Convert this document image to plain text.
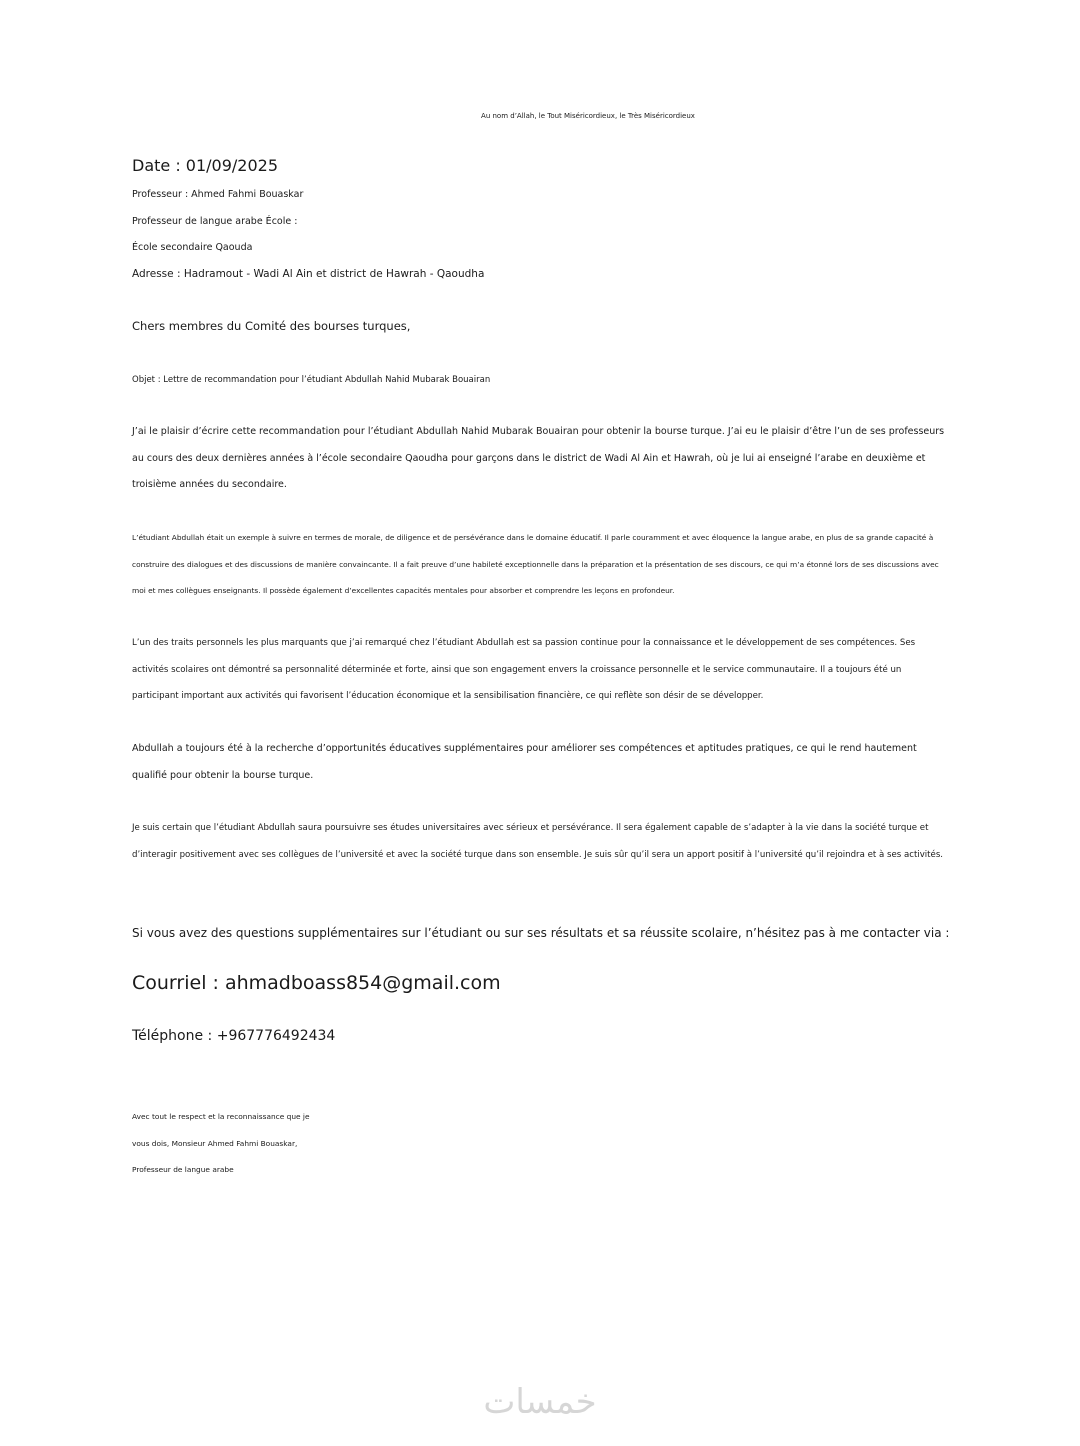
Au nom d’Allah, le Tout Miséricordieux, le Très Miséricordieux
Date : 01/09/2025
Professeur : Ahmed Fahmi Bouaskar
Professeur de langue arabe École :
École secondaire Qaouda
Adresse : Hadramout - Wadi Al Ain et district de Hawrah - Qaoudha
Chers membres du Comité des bourses turques,
Objet : Lettre de recommandation pour l’étudiant Abdullah Nahid Mubarak Bouairan
J’ai le plaisir d’écrire cette recommandation pour l’étudiant Abdullah Nahid Mubarak Bouairan pour obtenir la bourse turque. J’ai eu le plaisir d’être l’un de ses professeurs au cours des deux dernières années à l’école secondaire Qaoudha pour garçons dans le district de Wadi Al Ain et Hawrah, où je lui ai enseigné l’arabe en deuxième et troisième années du secondaire.
L’étudiant Abdullah était un exemple à suivre en termes de morale, de diligence et de persévérance dans le domaine éducatif. Il parle couramment et avec éloquence la langue arabe, en plus de sa grande capacité à construire des dialogues et des discussions de manière convaincante. Il a fait preuve d’une habileté exceptionnelle dans la préparation et la présentation de ses discours, ce qui m’a étonné lors de ses discussions avec moi et mes collègues enseignants. Il possède également d’excellentes capacités mentales pour absorber et comprendre les leçons en profondeur.
L’un des traits personnels les plus marquants que j’ai remarqué chez l’étudiant Abdullah est sa passion continue pour la connaissance et le développement de ses compétences. Ses activités scolaires ont démontré sa personnalité déterminée et forte, ainsi que son engagement envers la croissance personnelle et le service communautaire. Il a toujours été un participant important aux activités qui favorisent l’éducation économique et la sensibilisation financière, ce qui reflète son désir de se développer.
Abdullah a toujours été à la recherche d’opportunités éducatives supplémentaires pour améliorer ses compétences et aptitudes pratiques, ce qui le rend hautement qualifié pour obtenir la bourse turque.
Je suis certain que l’étudiant Abdullah saura poursuivre ses études universitaires avec sérieux et persévérance. Il sera également capable de s’adapter à la vie dans la société turque et d’interagir positivement avec ses collègues de l’université et avec la société turque dans son ensemble. Je suis sûr qu’il sera un apport positif à l’université qu’il rejoindra et à ses activités.
Si vous avez des questions supplémentaires sur l’étudiant ou sur ses résultats et sa réussite scolaire, n’hésitez pas à me contacter via :
Courriel : ahmadboass854@gmail.com
Téléphone : +967776492434
Avec tout le respect et la reconnaissance que je
vous dois, Monsieur Ahmed Fahmi Bouaskar,
Professeur de langue arabe
خمسات
